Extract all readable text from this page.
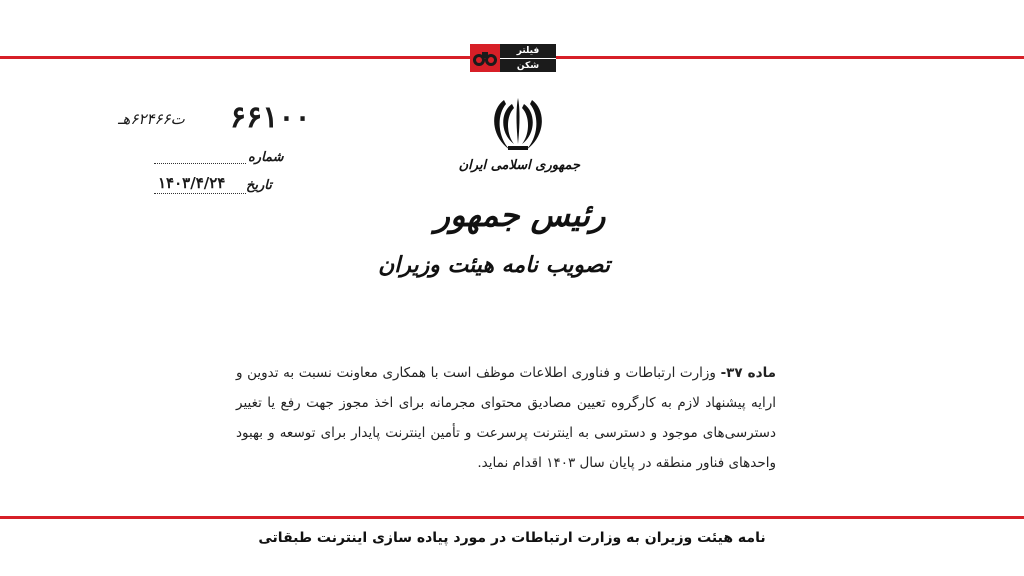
فیلتر
شکن
جمهوری اسلامی ایران
رئیس جمهور
تصویب نامه هیئت وزیران
۶۶۱۰۰
ت۶۲۴۶۶هـ
شماره
تاریخ
۱۴۰۳/۴/۲۴
ماده ۳۷- وزارت ارتباطات و فناوری اطلاعات موظف است با همکاری معاونت نسبت به تدوین و ارایه پیشنهاد لازم به کارگروه تعیین مصادیق محتوای مجرمانه برای اخذ مجوز جهت رفع یا تغییر دسترسی‌های موجود و دسترسی به اینترنت پرسرعت و تأمین اینترنت پایدار برای توسعه و بهبود واحدهای فناور منطقه در پایان سال ۱۴۰۳ اقدام نماید.
نامه هیئت وزیران به وزارت ارتباطات در مورد پیاده سازی اینترنت طبقاتی
